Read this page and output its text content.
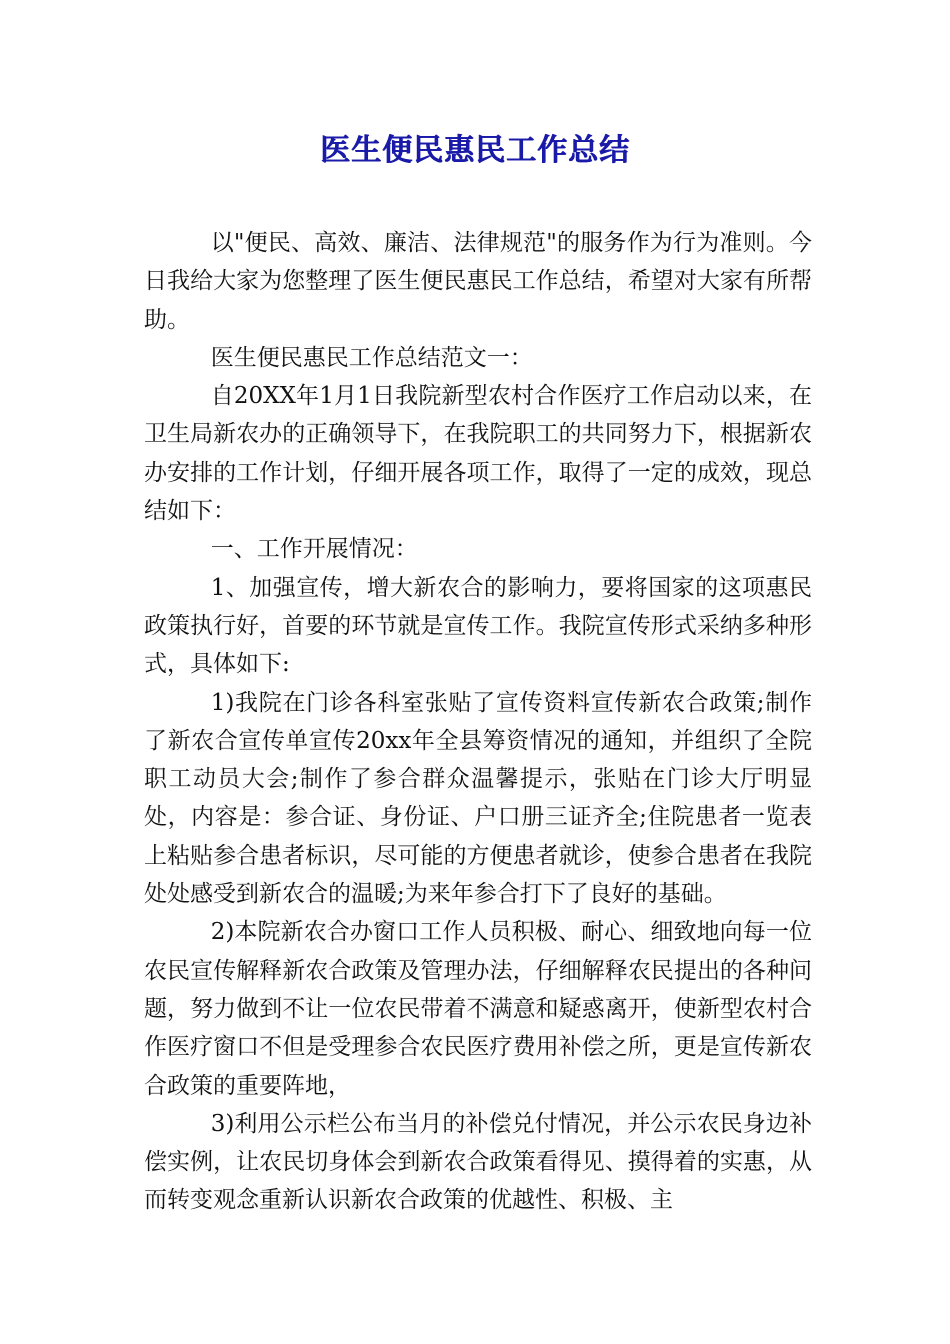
医生便民惠民工作总结

以"便民、高效、廉洁、法律规范"的服务作为行为准则。今日我给大家为您整理了医生便民惠民工作总结，希望对大家有所帮助。

医生便民惠民工作总结范文一：

自20XX年1月1日我院新型农村合作医疗工作启动以来，在卫生局新农办的正确领导下，在我院职工的共同努力下，根据新农办安排的工作计划，仔细开展各项工作，取得了一定的成效，现总结如下：

一、工作开展情况：

1、加强宣传，增大新农合的影响力，要将国家的这项惠民政策执行好，首要的环节就是宣传工作。我院宣传形式采纳多种形式，具体如下:

1)我院在门诊各科室张贴了宣传资料宣传新农合政策;制作了新农合宣传单宣传20xx年全县筹资情况的通知，并组织了全院职工动员大会;制作了参合群众温馨提示，张贴在门诊大厅明显处，内容是：参合证、身份证、户口册三证齐全;住院患者一览表上粘贴参合患者标识，尽可能的方便患者就诊，使参合患者在我院处处感受到新农合的温暖;为来年参合打下了良好的基础。

2)本院新农合办窗口工作人员积极、耐心、细致地向每一位农民宣传解释新农合政策及管理办法，仔细解释农民提出的各种问题，努力做到不让一位农民带着不满意和疑惑离开，使新型农村合作医疗窗口不但是受理参合农民医疗费用补偿之所，更是宣传新农合政策的重要阵地，

3)利用公示栏公布当月的补偿兑付情况，并公示农民身边补偿实例，让农民切身体会到新农合政策看得见、摸得着的实惠，从而转变观念重新认识新农合政策的优越性、积极、主
